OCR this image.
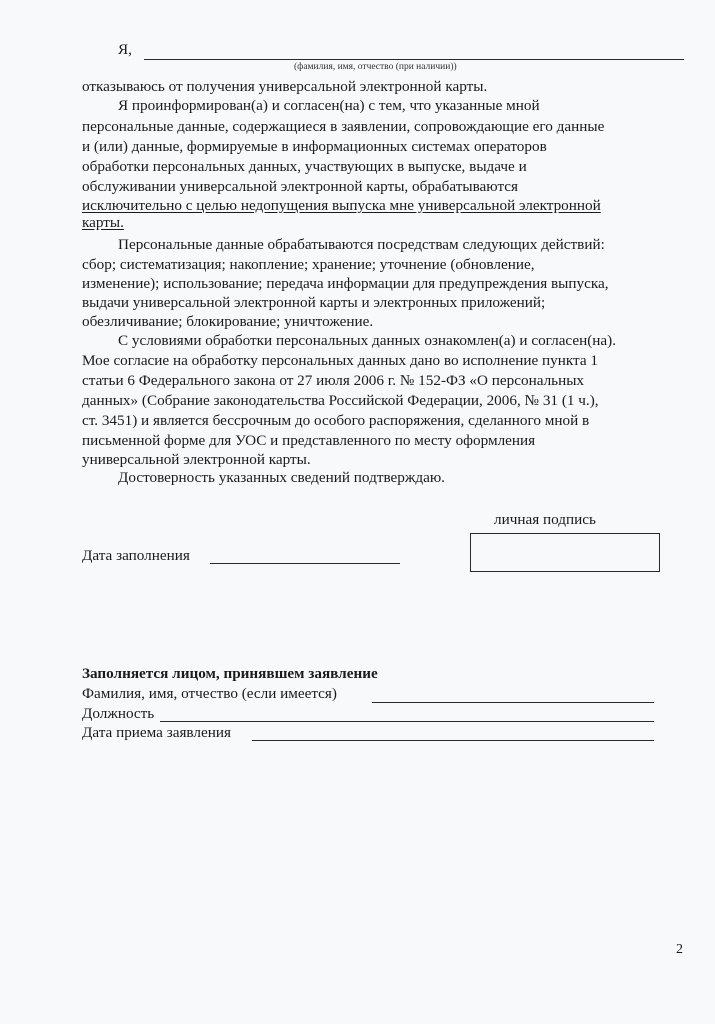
Я,
(фамилия, имя, отчество (при наличии))
отказываюсь от получения универсальной электронной карты.
Я проинформирован(а) и согласен(на) с тем, что указанные мной
персональные данные, содержащиеся в заявлении, сопровождающие его данные
и (или) данные, формируемые в информационных системах операторов
обработки персональных данных, участвующих в выпуске, выдаче и
обслуживании универсальной электронной карты, обрабатываются
исключительно с целью недопущения выпуска мне универсальной электронной
карты.
Персональные данные обрабатываются посредствам следующих действий:
сбор; систематизация; накопление; хранение; уточнение (обновление,
изменение); использование; передача информации для предупреждения выпуска,
выдачи универсальной электронной карты и электронных приложений;
обезличивание; блокирование; уничтожение.
С условиями обработки персональных данных ознакомлен(а) и согласен(на).
Мое согласие на обработку персональных данных дано во исполнение пункта 1
статьи 6 Федерального закона от 27 июля 2006 г. № 152-ФЗ «О персональных
данных» (Собрание законодательства Российской Федерации, 2006, № 31 (1 ч.),
ст. 3451) и является бессрочным до особого распоряжения, сделанного мной в
письменной форме для УОС и представленного по месту оформления
универсальной электронной карты.
Достоверность указанных сведений подтверждаю.
личная подпись
Дата заполнения
Заполняется лицом, принявшем заявление
Фамилия, имя, отчество (если имеется)
Должность
Дата приема заявления
2
